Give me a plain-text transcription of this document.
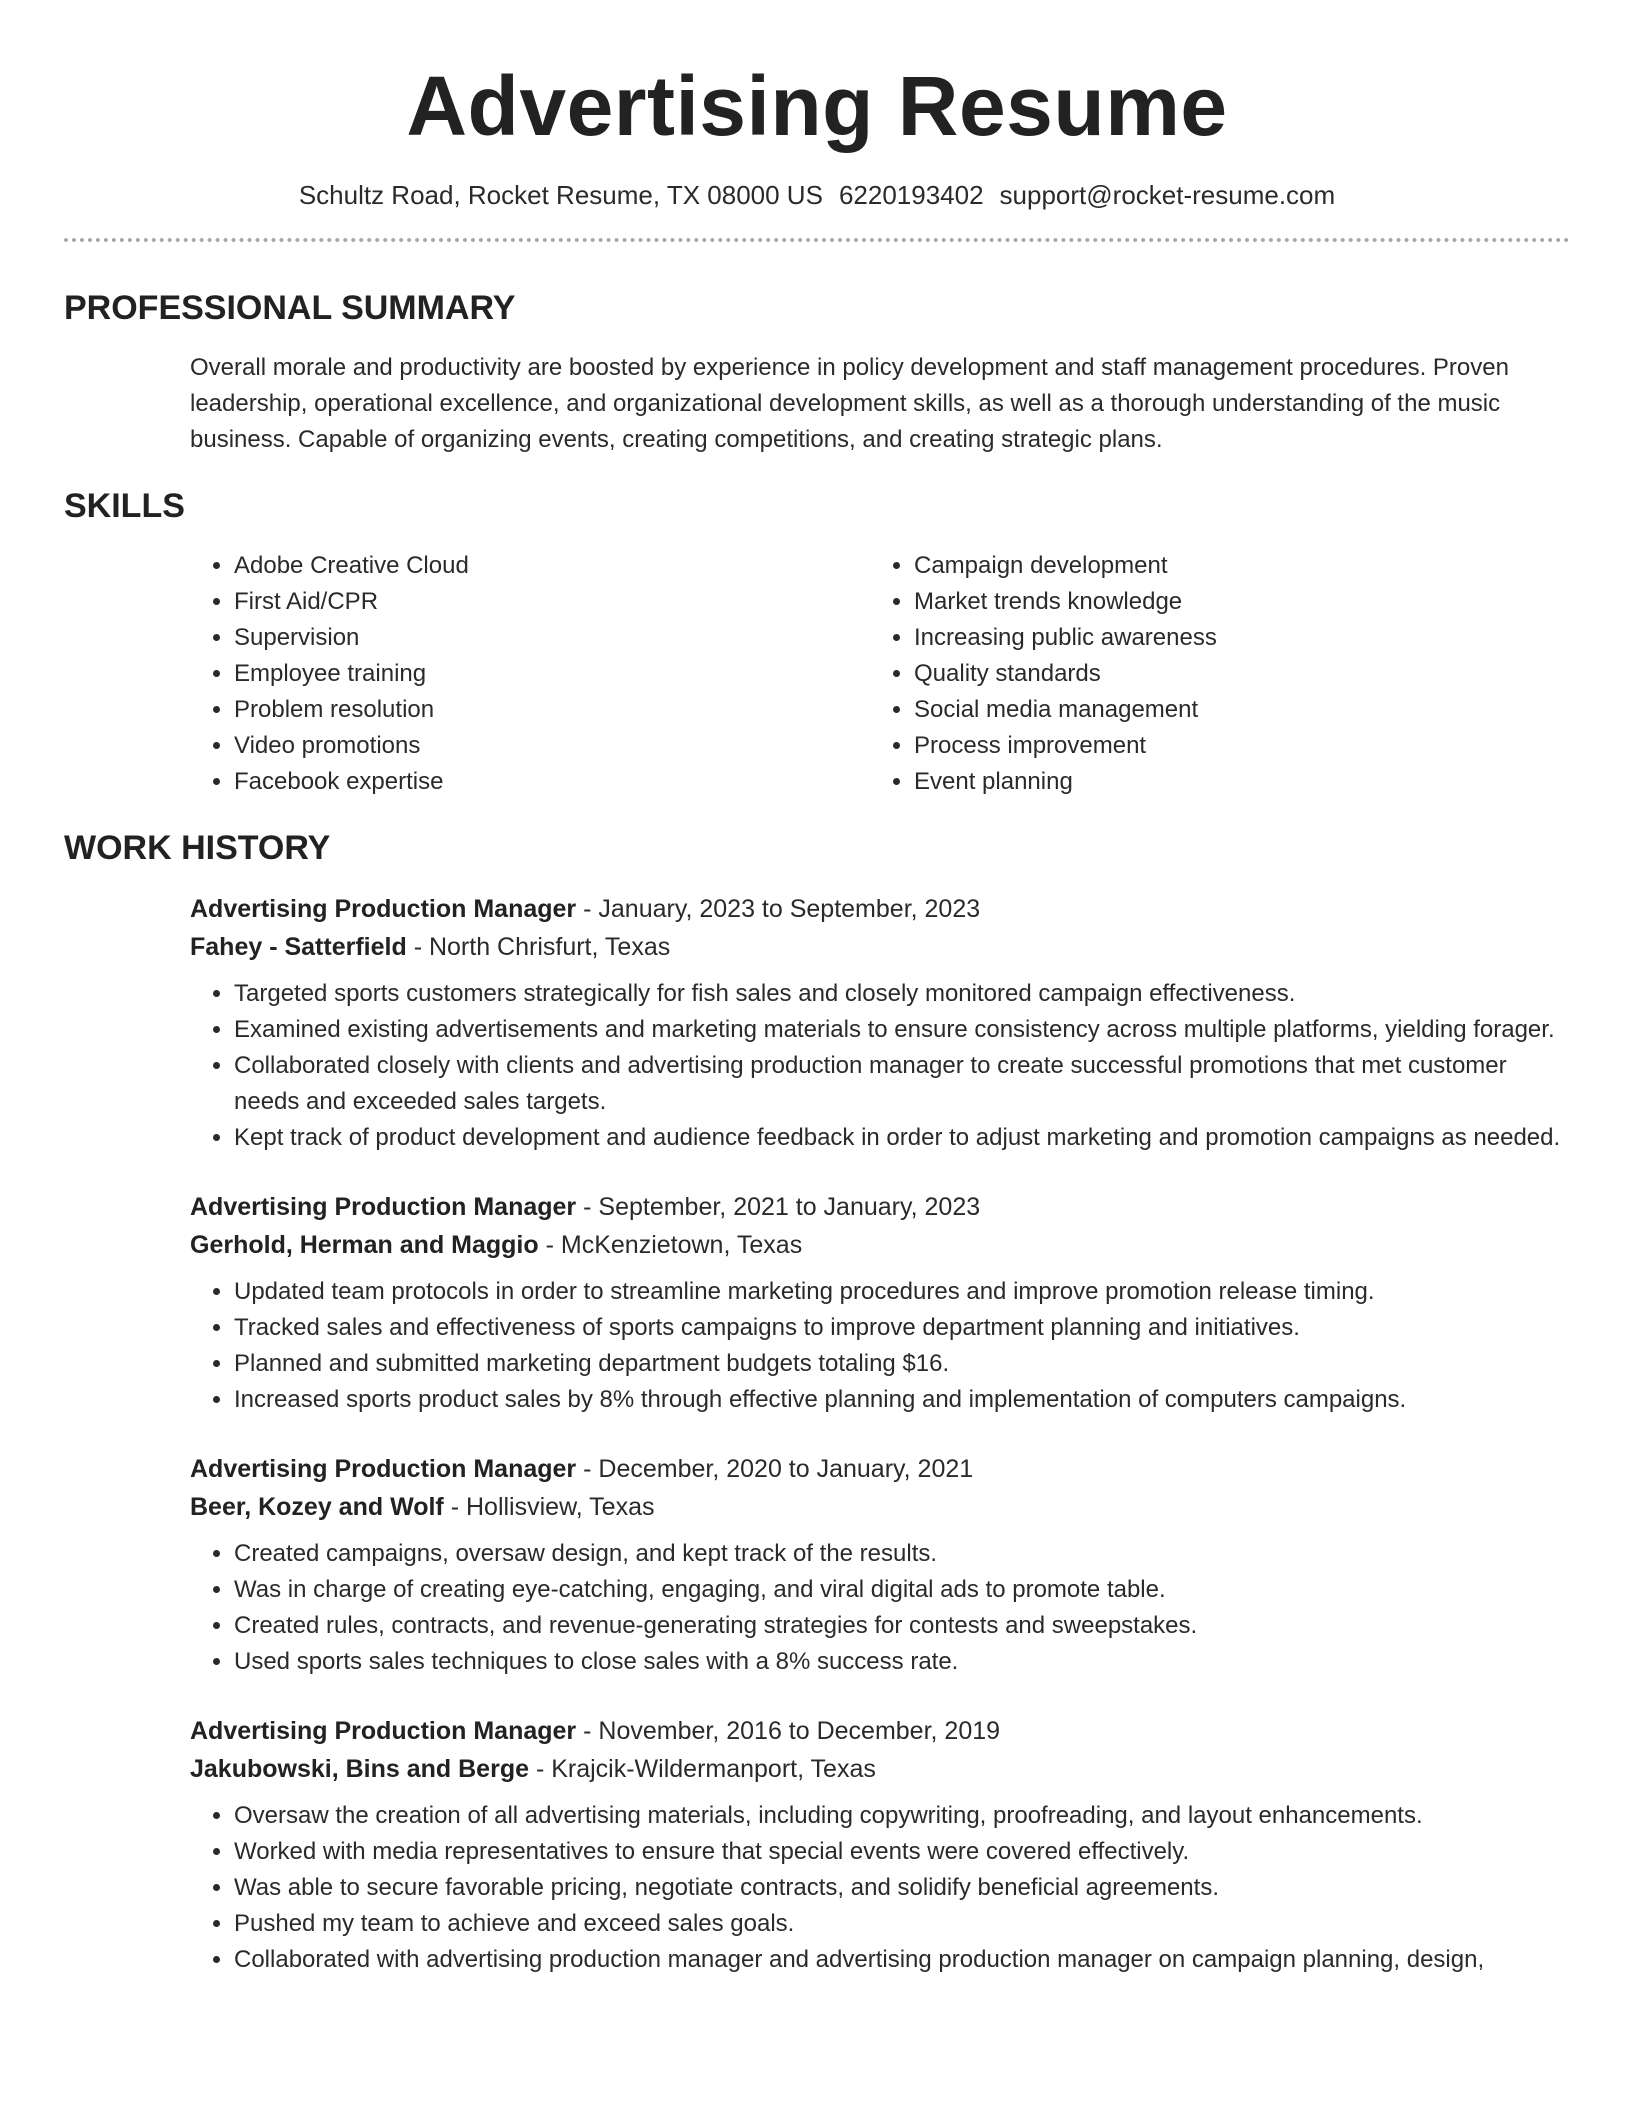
Advertising Resume
Schultz Road, Rocket Resume, TX 08000 US 6220193402 support@rocket-resume.com
PROFESSIONAL SUMMARY

Overall morale and productivity are boosted by experience in policy development and staff management procedures. Proven leadership, operational excellence, and organizational development skills, as well as a thorough understanding of the music business. Capable of organizing events, creating competitions, and creating strategic plans.

SKILLS
• Adobe Creative Cloud
• First Aid/CPR
• Supervision
• Employee training
• Problem resolution
• Video promotions
• Facebook expertise
• Campaign development
• Market trends knowledge
• Increasing public awareness
• Quality standards
• Social media management
• Process improvement
• Event planning
WORK HISTORY
Advertising Production Manager - January, 2023 to September, 2023
Fahey - Satterfield - North Chrisfurt, Texas
• Targeted sports customers strategically for fish sales and closely monitored campaign effectiveness.
• Examined existing advertisements and marketing materials to ensure consistency across multiple platforms, yielding forager.
• Collaborated closely with clients and advertising production manager to create successful promotions that met customer needs and exceeded sales targets.
• Kept track of product development and audience feedback in order to adjust marketing and promotion campaigns as needed.
Advertising Production Manager - September, 2021 to January, 2023
Gerhold, Herman and Maggio - McKenzietown, Texas
• Updated team protocols in order to streamline marketing procedures and improve promotion release timing.
• Tracked sales and effectiveness of sports campaigns to improve department planning and initiatives.
• Planned and submitted marketing department budgets totaling $16.
• Increased sports product sales by 8% through effective planning and implementation of computers campaigns.
Advertising Production Manager - December, 2020 to January, 2021
Beer, Kozey and Wolf - Hollisview, Texas
• Created campaigns, oversaw design, and kept track of the results.
• Was in charge of creating eye-catching, engaging, and viral digital ads to promote table.
• Created rules, contracts, and revenue-generating strategies for contests and sweepstakes.
• Used sports sales techniques to close sales with a 8% success rate.
Advertising Production Manager - November, 2016 to December, 2019
Jakubowski, Bins and Berge - Krajcik-Wildermanport, Texas
• Oversaw the creation of all advertising materials, including copywriting, proofreading, and layout enhancements.
• Worked with media representatives to ensure that special events were covered effectively.
• Was able to secure favorable pricing, negotiate contracts, and solidify beneficial agreements.
• Pushed my team to achieve and exceed sales goals.
• Collaborated with advertising production manager and advertising production manager on campaign planning, design,
